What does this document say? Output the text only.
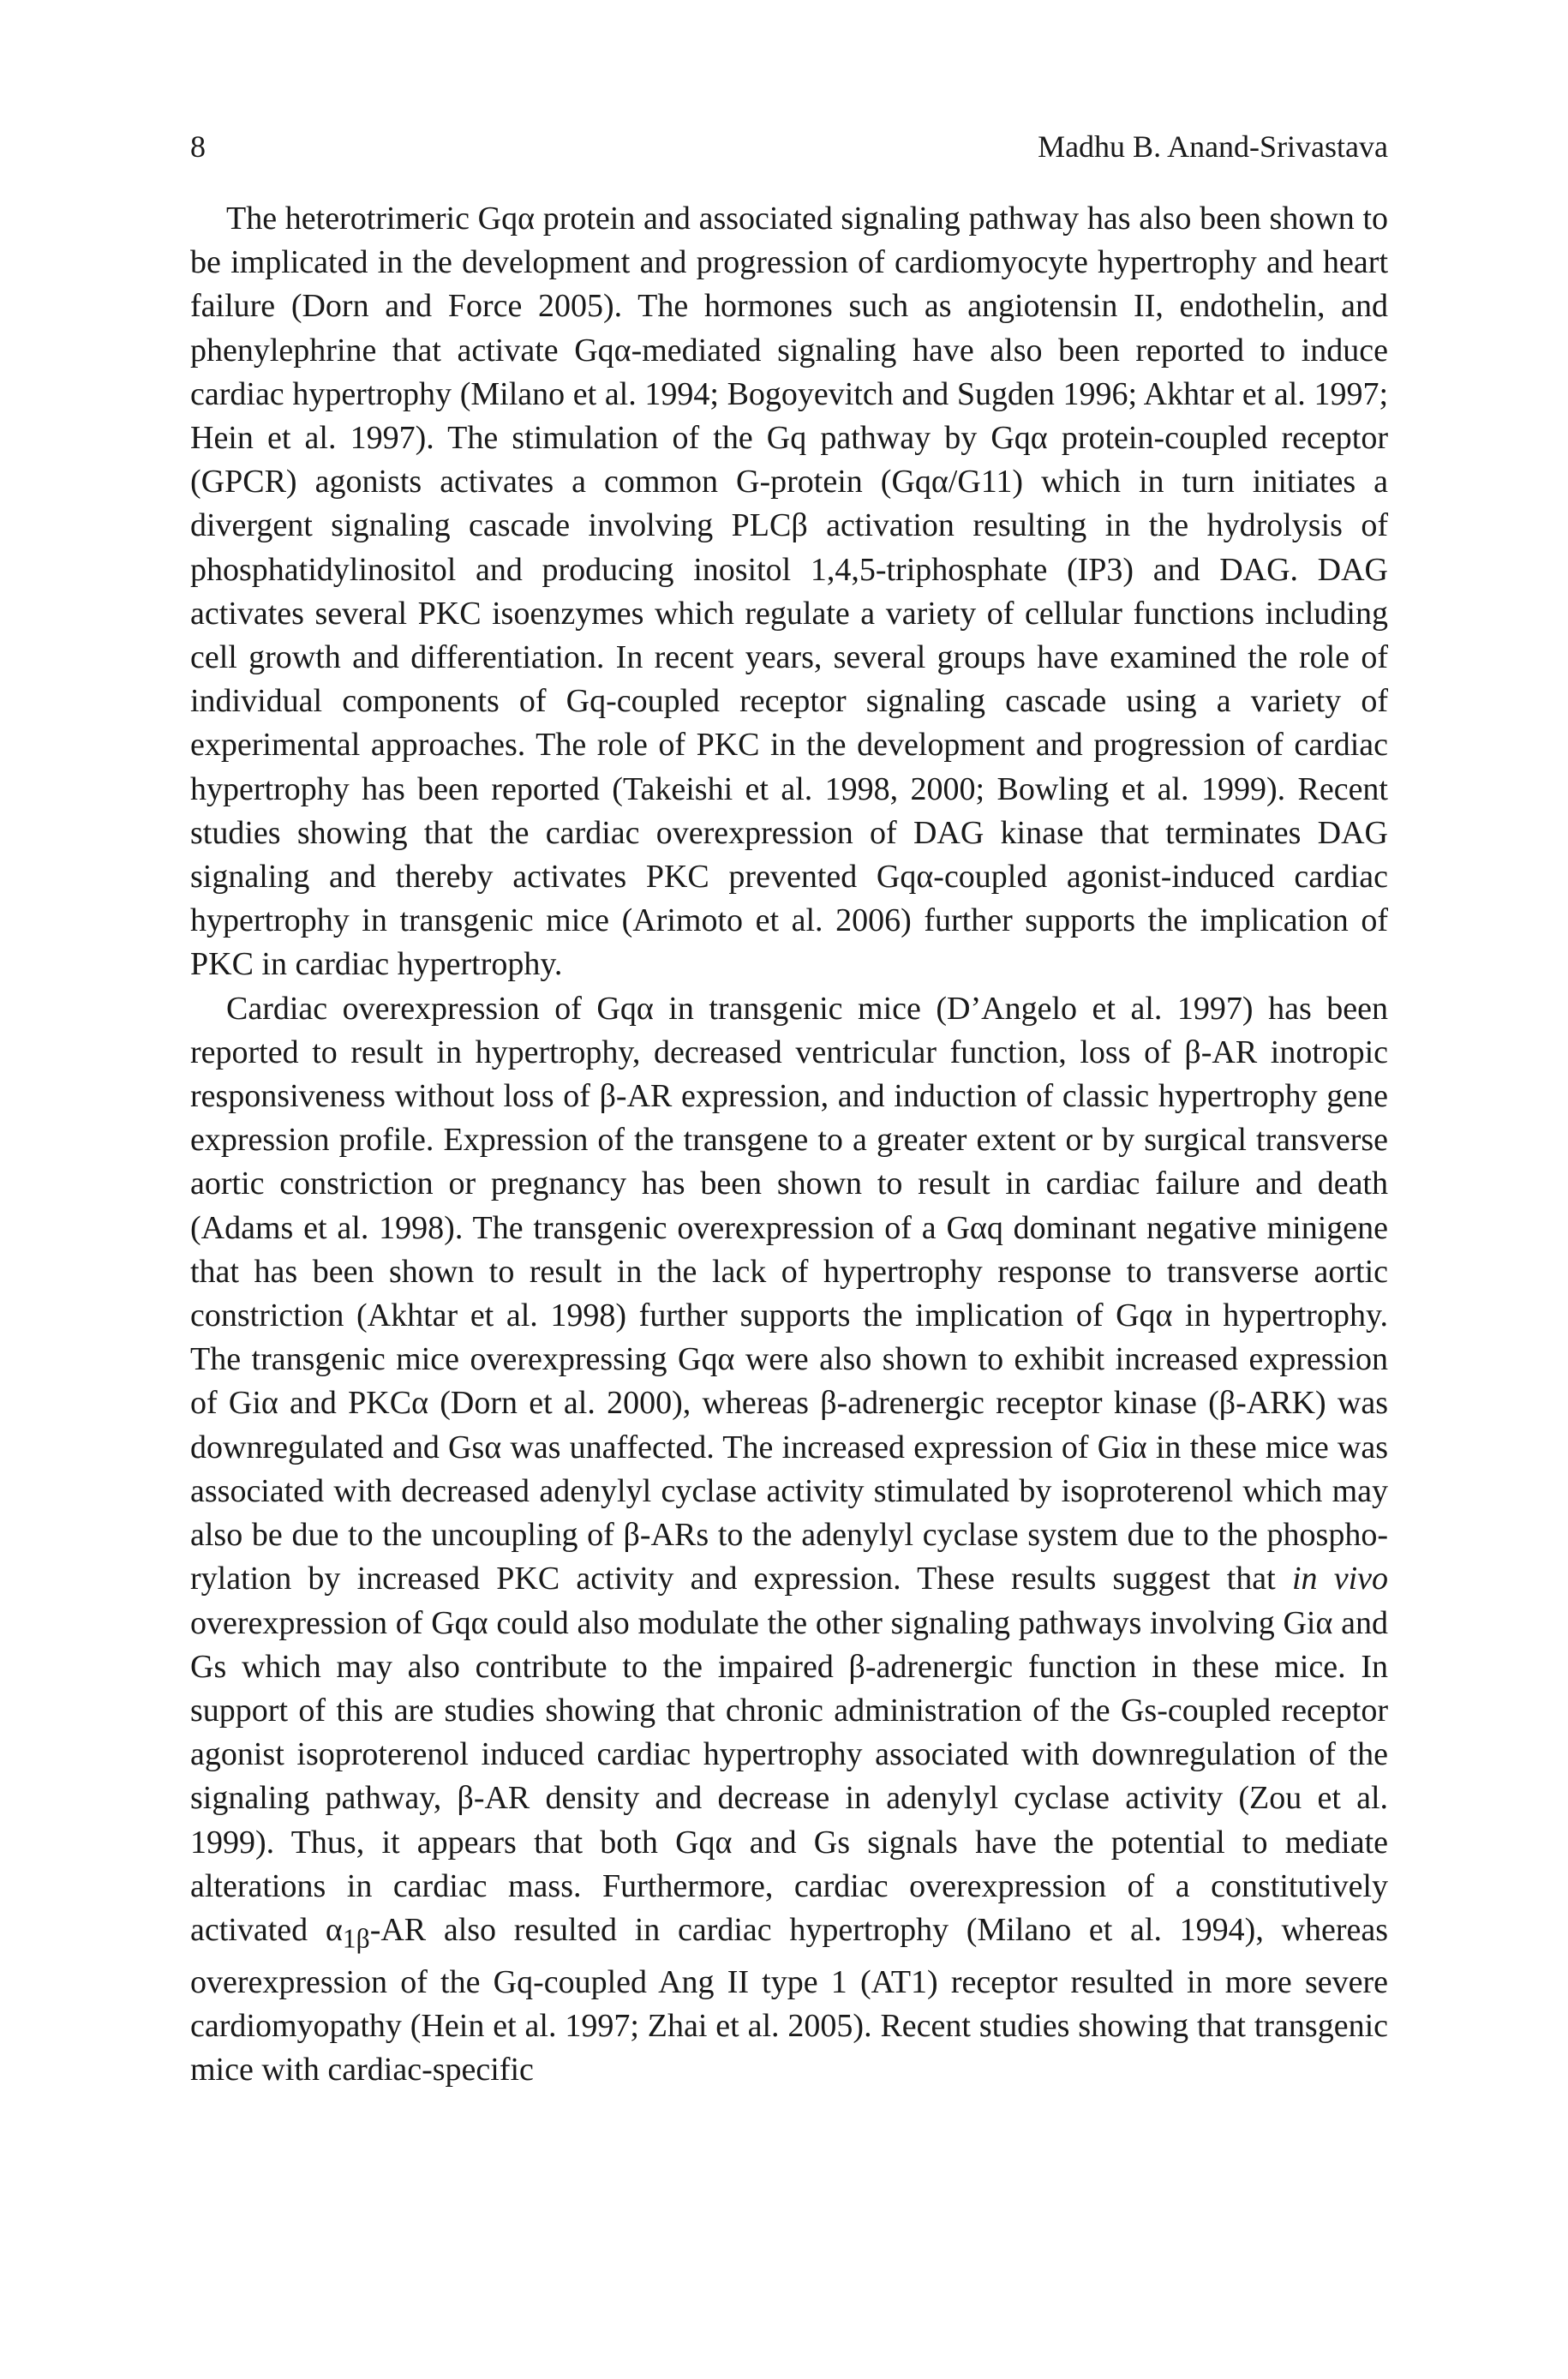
8	Madhu B. Anand-Srivastava

The heterotrimeric Gqα protein and associated signaling pathway has also been shown to be implicated in the development and progression of cardiomyocyte hypertrophy and heart failure (Dorn and Force 2005). The hormones such as angiotensin II, endothelin, and phenylephrine that activate Gqα-mediated signaling have also been reported to induce cardiac hypertrophy (Milano et al. 1994; Bogoyevitch and Sugden 1996; Akhtar et al. 1997; Hein et al. 1997). The stimulation of the Gq pathway by Gqα protein-coupled receptor (GPCR) agonists activates a common G-protein (Gqα/G11) which in turn initiates a divergent signaling cascade involving PLCβ activation resulting in the hydrolysis of phosphatidylinositol and producing inositol 1,4,5-triphosphate (IP3) and DAG. DAG activates several PKC isoenzymes which regulate a variety of cellular functions including cell growth and differentiation. In recent years, several groups have examined the role of individual components of Gq-coupled receptor signaling cascade using a variety of experimental approaches. The role of PKC in the development and progression of cardiac hypertrophy has been reported (Takeishi et al. 1998, 2000; Bowling et al. 1999). Recent studies showing that the cardiac overexpression of DAG kinase that terminates DAG signaling and thereby activates PKC prevented Gqα-coupled agonist-induced cardiac hypertrophy in transgenic mice (Arimoto et al. 2006) further supports the implication of PKC in cardiac hypertrophy.

Cardiac overexpression of Gqα in transgenic mice (D’Angelo et al. 1997) has been reported to result in hypertrophy, decreased ventricular function, loss of β-AR inotropic responsiveness without loss of β-AR expression, and induction of classic hypertrophy gene expression profile. Expression of the transgene to a greater extent or by surgical transverse aortic constriction or pregnancy has been shown to result in cardiac failure and death (Adams et al. 1998). The transgenic overexpression of a Gαq dominant negative minigene that has been shown to result in the lack of hypertrophy response to transverse aortic constriction (Akhtar et al. 1998) further supports the implication of Gqα in hypertrophy. The transgenic mice overexpressing Gqα were also shown to exhibit increased expression of Giα and PKCα (Dorn et al. 2000), whereas β-adrenergic receptor kinase (β-ARK) was downregulated and Gsα was unaffected. The increased expression of Giα in these mice was associated with decreased adenylyl cyclase activity stimulated by isoproterenol which may also be due to the uncoupling of β-ARs to the adenylyl cyclase system due to the phosphorylation by increased PKC activity and expression. These results suggest that in vivo overexpression of Gqα could also modulate the other signaling pathways involving Giα and Gs which may also contribute to the impaired β-adrenergic function in these mice. In support of this are studies showing that chronic administration of the Gs-coupled receptor agonist isoproterenol induced cardiac hypertrophy associated with downregulation of the signaling pathway, β-AR density and decrease in adenylyl cyclase activity (Zou et al. 1999). Thus, it appears that both Gqα and Gs signals have the potential to mediate alterations in cardiac mass. Furthermore, cardiac overexpression of a constitutively activated $\alpha_{1\beta}-AR$ also resulted in cardiac hypertrophy (Milano et al. 1994), whereas overexpression of the Gq-coupled Ang II type 1 (AT1) receptor resulted in more severe cardiomyopathy (Hein et al. 1997; Zhai et al. 2005). Recent studies showing that transgenic mice with cardiac-specific
